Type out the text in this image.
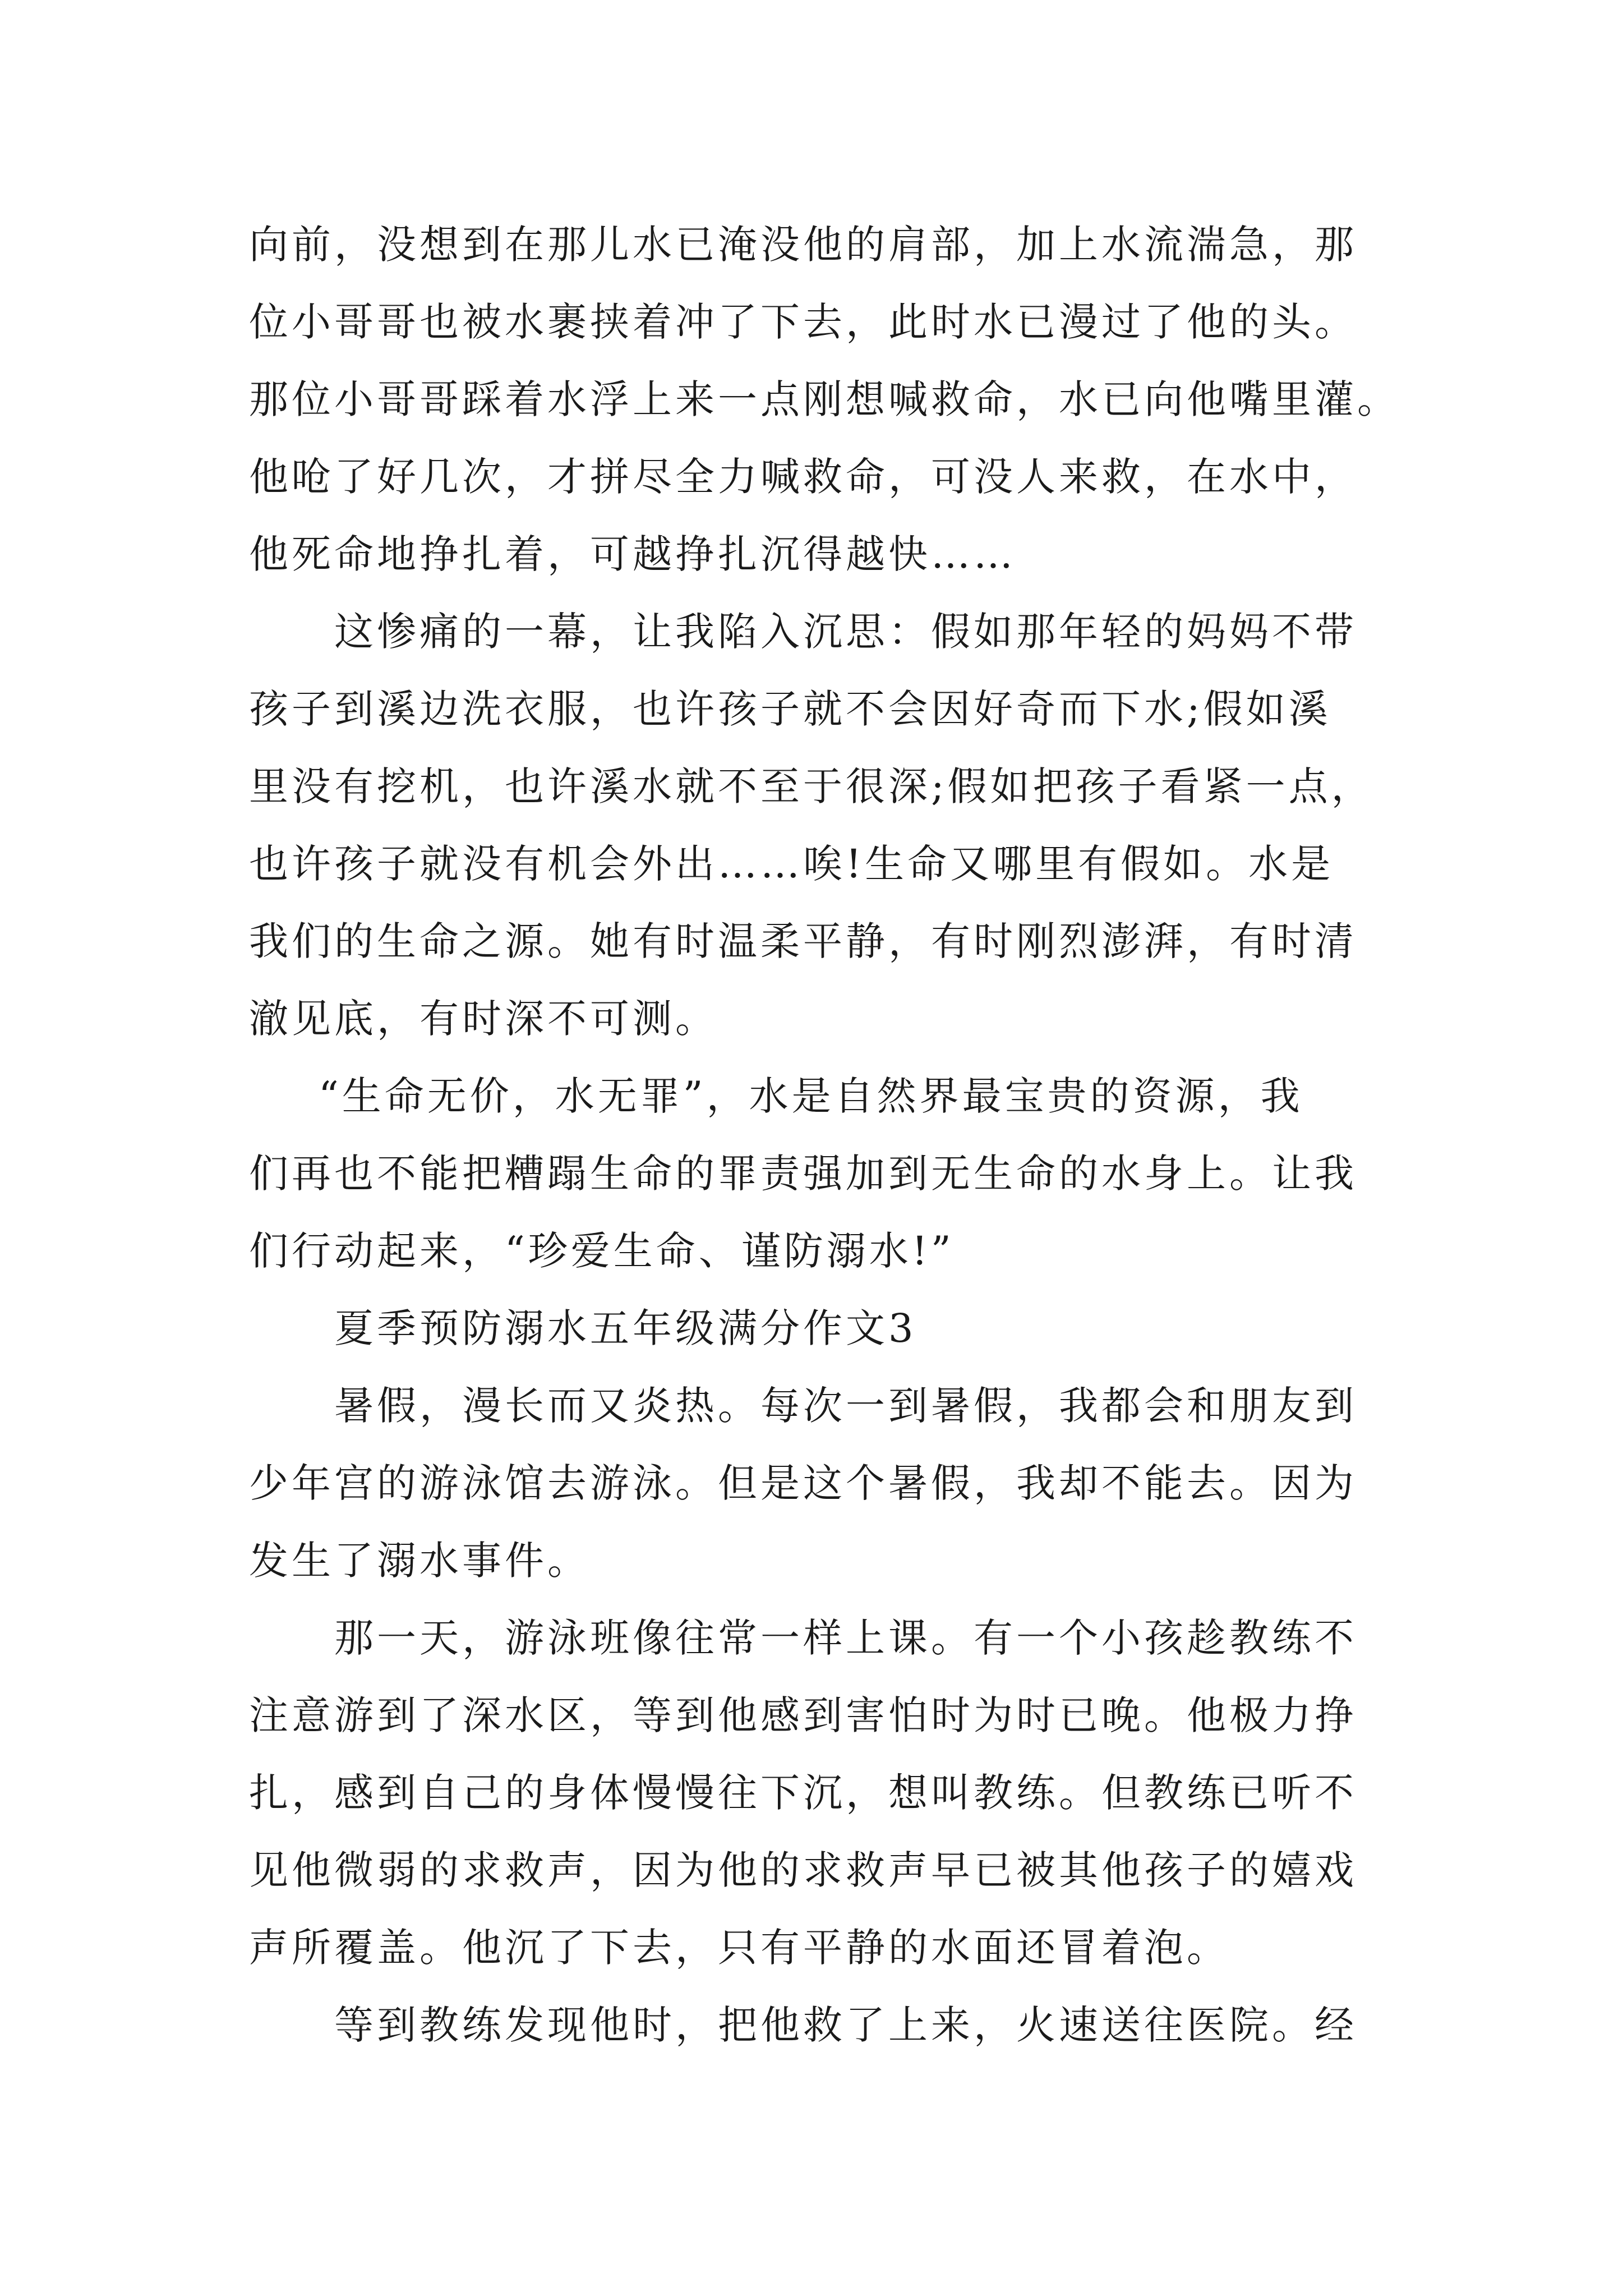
向前，没想到在那儿水已淹没他的肩部，加上水流湍急，那
位小哥哥也被水裹挟着冲了下去，此时水已漫过了他的头。
那位小哥哥踩着水浮上来一点刚想喊救命，水已向他嘴里灌。
他呛了好几次，才拼尽全力喊救命，可没人来救，在水中，
他死命地挣扎着，可越挣扎沉得越快……
这惨痛的一幕，让我陷入沉思：假如那年轻的妈妈不带
孩子到溪边洗衣服，也许孩子就不会因好奇而下水;假如溪
里没有挖机，也许溪水就不至于很深;假如把孩子看紧一点，
也许孩子就没有机会外出……唉!生命又哪里有假如。水是
我们的生命之源。她有时温柔平静，有时刚烈澎湃，有时清
澈见底，有时深不可测。
“生命无价，水无罪”，水是自然界最宝贵的资源，我
们再也不能把糟蹋生命的罪责强加到无生命的水身上。让我
们行动起来，“珍爱生命、谨防溺水!”
夏季预防溺水五年级满分作文3
暑假，漫长而又炎热。每次一到暑假，我都会和朋友到
少年宫的游泳馆去游泳。但是这个暑假，我却不能去。因为
发生了溺水事件。
那一天，游泳班像往常一样上课。有一个小孩趁教练不
注意游到了深水区，等到他感到害怕时为时已晚。他极力挣
扎，感到自己的身体慢慢往下沉，想叫教练。但教练已听不
见他微弱的求救声，因为他的求救声早已被其他孩子的嬉戏
声所覆盖。他沉了下去，只有平静的水面还冒着泡。
等到教练发现他时，把他救了上来，火速送往医院。经
